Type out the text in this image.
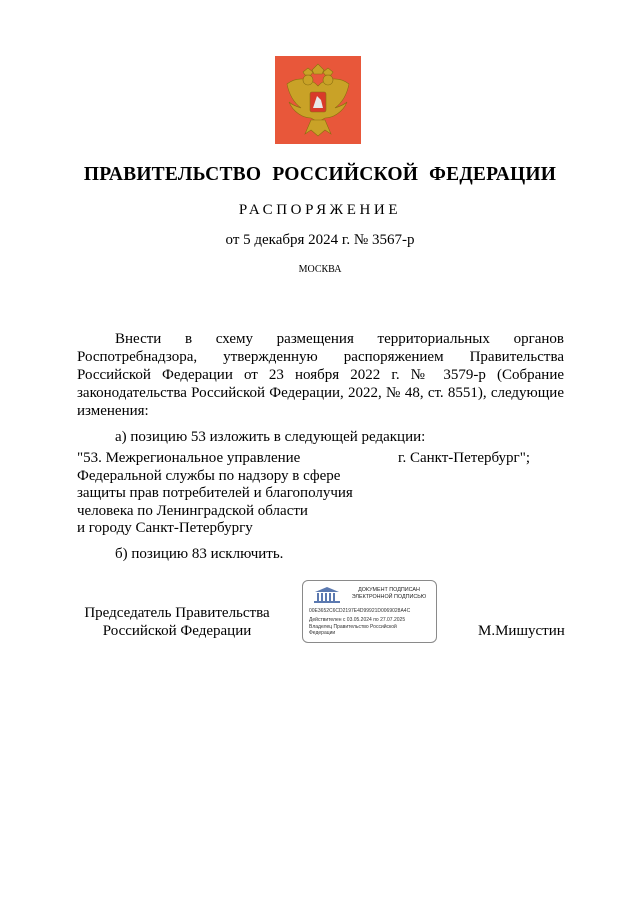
ПРАВИТЕЛЬСТВО РОССИЙСКОЙ ФЕДЕРАЦИИ
РАСПОРЯЖЕНИЕ
от 5 декабря 2024 г. № 3567-р
МОСКВА
Внести в схему размещения территориальных органов Роспотребнадзора, утвержденную распоряжением Правительства Российской Федерации от 23 ноября 2022 г. № 3579-р (Собрание законодательства Российской Федерации, 2022, № 48, ст. 8551), следующие изменения:
а) позицию 53 изложить в следующей редакции:
"53. Межрегиональное управление
Федеральной службы по надзору в сфере
защиты прав потребителей и благополучия
человека по Ленинградской области
и городу Санкт-Петербургу
г. Санкт-Петербург";
б) позицию 83 исключить.
Председатель Правительства
Российской Федерации	М.Мишустин
ДОКУМЕНТ ПОДПИСАН ЭЛЕКТРОННОЙ ПОДПИСЬЮ
00E3652C6CD2197E4D99921D0069028A4C
Действителен с 03.05.2024 по 27.07.2025
Владелец Правительство Российской Федерации
